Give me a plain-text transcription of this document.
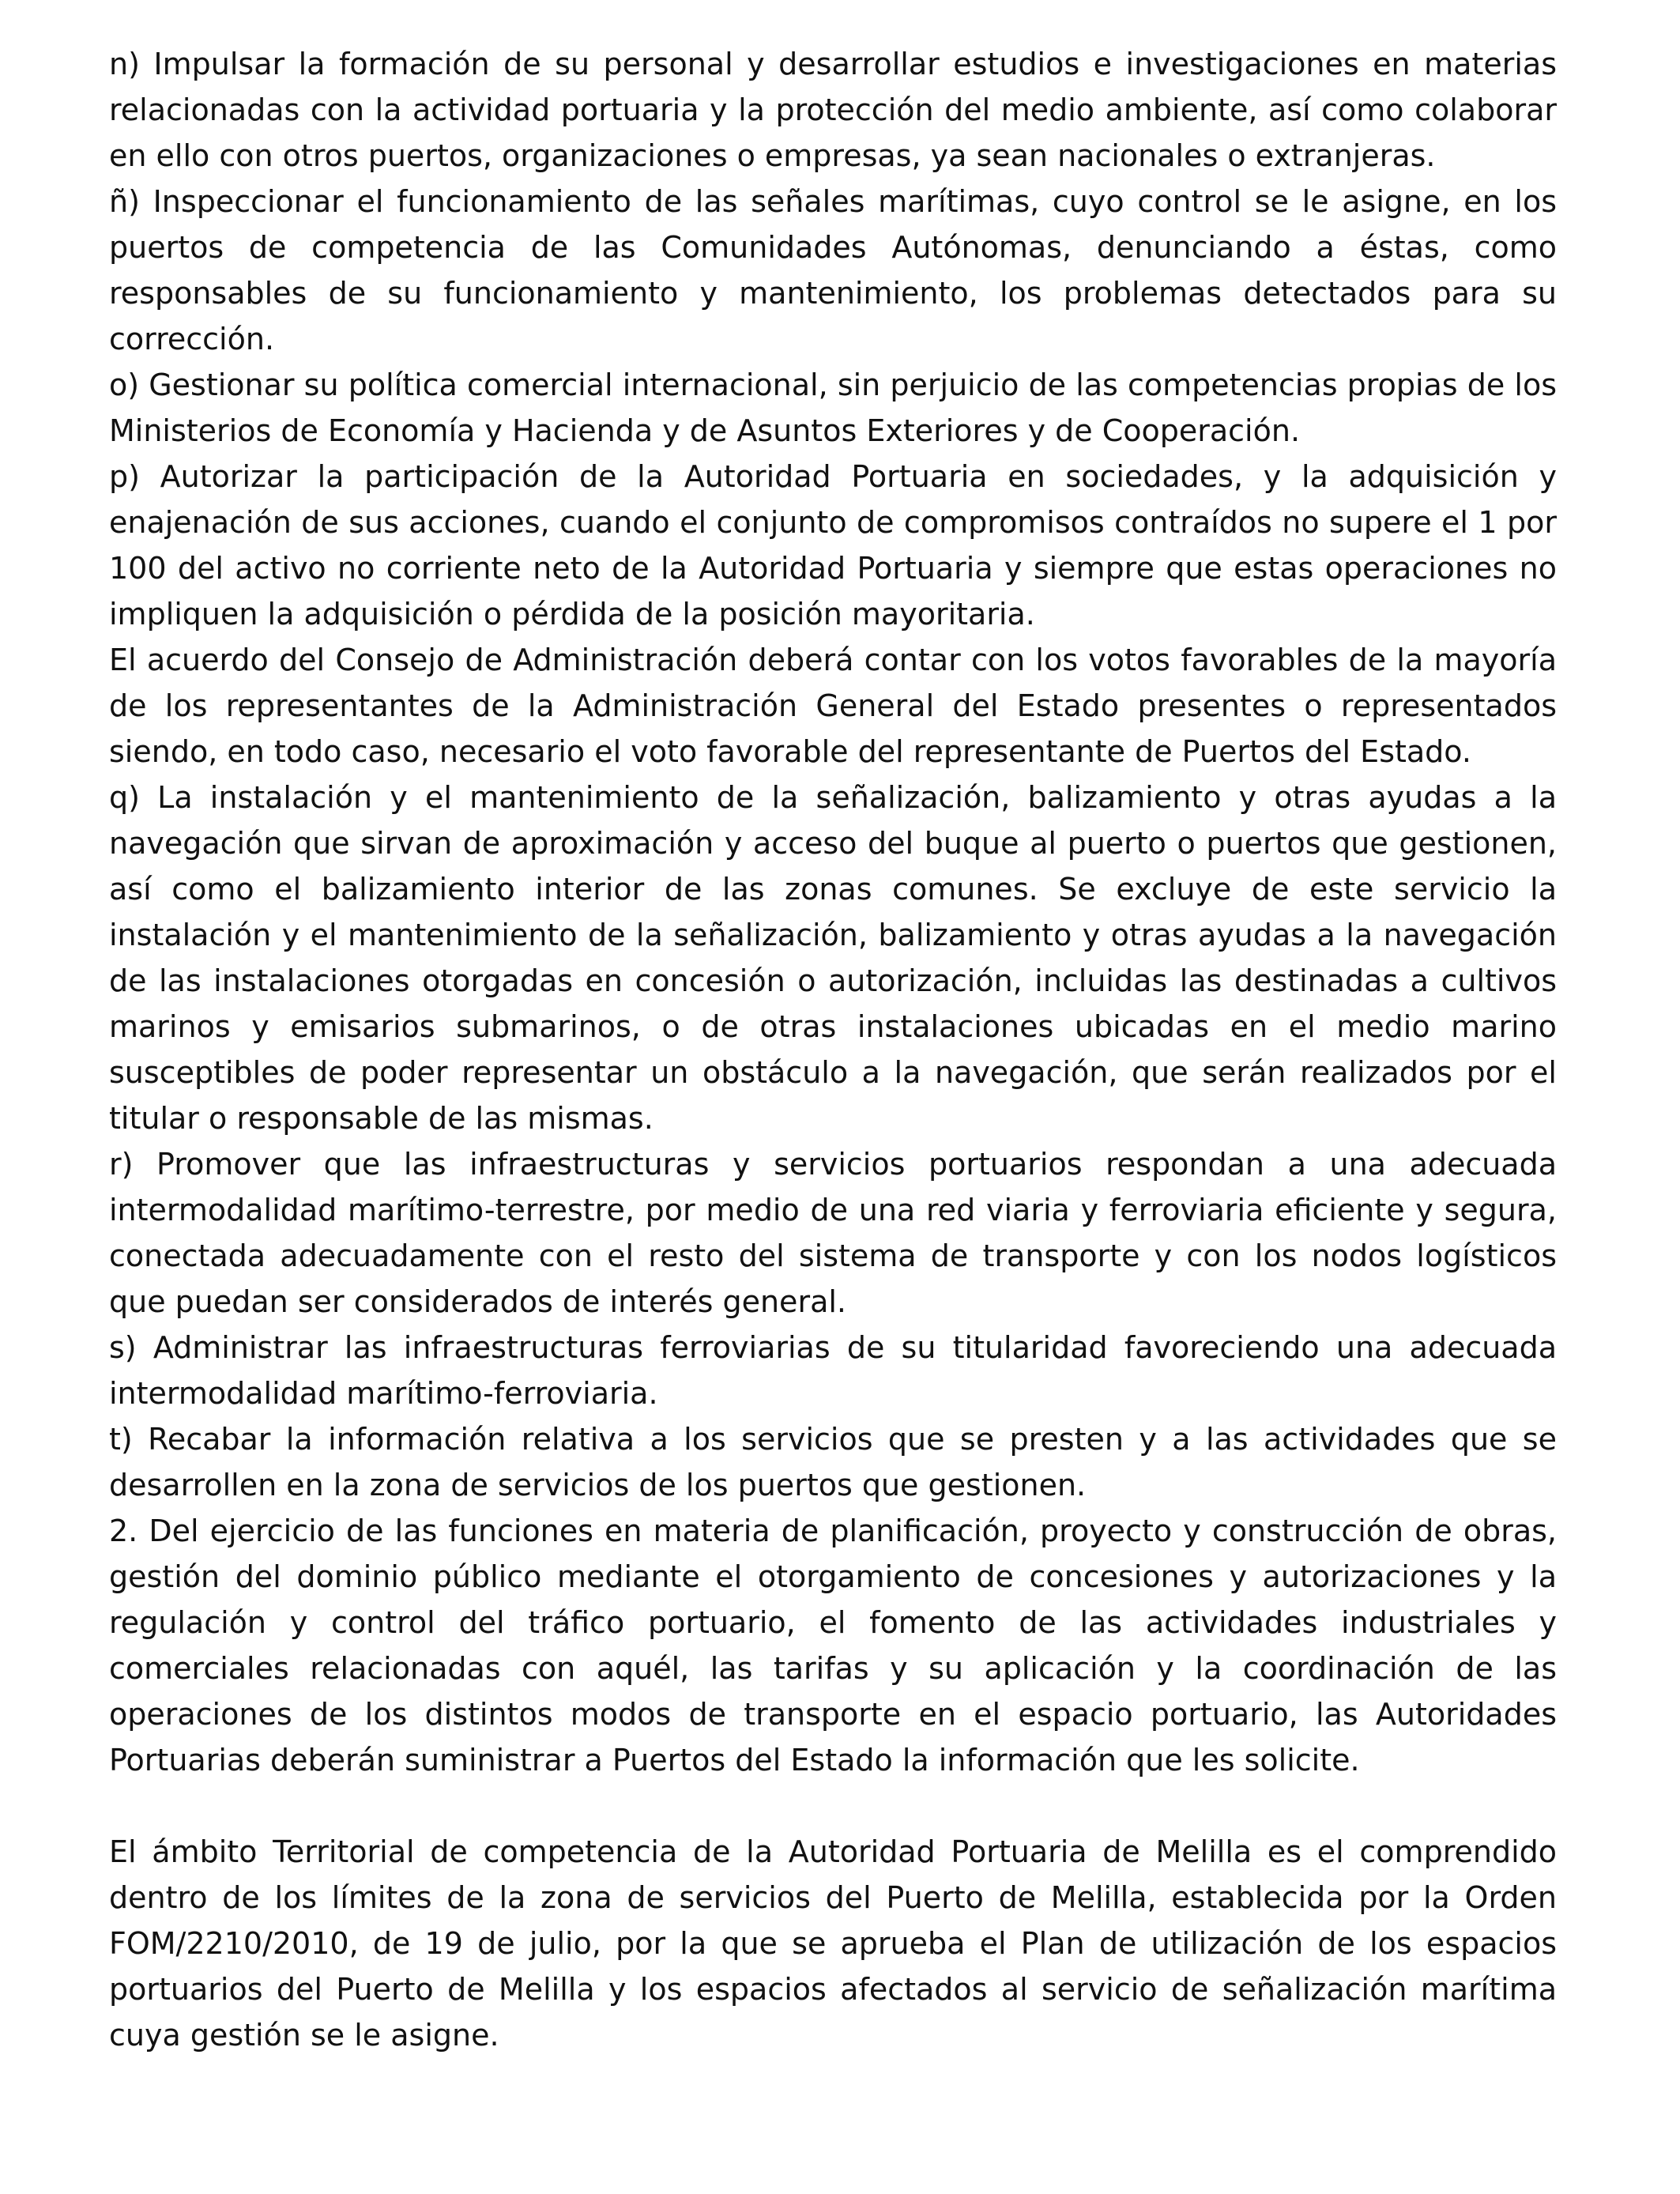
n) Impulsar la formación de su personal y desarrollar estudios e investigaciones en materias relacionadas con la actividad portuaria y la protección del medio ambiente, así como colaborar en ello con otros puertos, organizaciones o empresas, ya sean nacionales o extranjeras.

ñ) Inspeccionar el funcionamiento de las señales marítimas, cuyo control se le asigne, en los puertos de competencia de las Comunidades Autónomas, denunciando a éstas, como responsables de su funcionamiento y mantenimiento, los problemas detectados para su corrección.

o) Gestionar su política comercial internacional, sin perjuicio de las competencias propias de los Ministerios de Economía y Hacienda y de Asuntos Exteriores y de Cooperación.

p) Autorizar la participación de la Autoridad Portuaria en sociedades, y la adquisición y enajenación de sus acciones, cuando el conjunto de compromisos contraídos no supere el 1 por 100 del activo no corriente neto de la Autoridad Portuaria y siempre que estas operaciones no impliquen la adquisición o pérdida de la posición mayoritaria.

El acuerdo del Consejo de Administración deberá contar con los votos favorables de la mayoría de los representantes de la Administración General del Estado presentes o representados siendo, en todo caso, necesario el voto favorable del representante de Puertos del Estado.

q) La instalación y el mantenimiento de la señalización, balizamiento y otras ayudas a la navegación que sirvan de aproximación y acceso del buque al puerto o puertos que gestionen, así como el balizamiento interior de las zonas comunes. Se excluye de este servicio la instalación y el mantenimiento de la señalización, balizamiento y otras ayudas a la navegación de las instalaciones otorgadas en concesión o autorización, incluidas las destinadas a cultivos marinos y emisarios submarinos, o de otras instalaciones ubicadas en el medio marino susceptibles de poder representar un obstáculo a la navegación, que serán realizados por el titular o responsable de las mismas.

r) Promover que las infraestructuras y servicios portuarios respondan a una adecuada intermodalidad marítimo-terrestre, por medio de una red viaria y ferroviaria eficiente y segura, conectada adecuadamente con el resto del sistema de transporte y con los nodos logísticos que puedan ser considerados de interés general.

s) Administrar las infraestructuras ferroviarias de su titularidad favoreciendo una adecuada intermodalidad marítimo-ferroviaria.

t) Recabar la información relativa a los servicios que se presten y a las actividades que se desarrollen en la zona de servicios de los puertos que gestionen.

2. Del ejercicio de las funciones en materia de planificación, proyecto y construcción de obras, gestión del dominio público mediante el otorgamiento de concesiones y autorizaciones y la regulación y control del tráfico portuario, el fomento de las actividades industriales y comerciales relacionadas con aquél, las tarifas y su aplicación y la coordinación de las operaciones de los distintos modos de transporte en el espacio portuario, las Autoridades Portuarias deberán suministrar a Puertos del Estado la información que les solicite.

El ámbito Territorial de competencia de la Autoridad Portuaria de Melilla es el comprendido dentro de los límites de la zona de servicios del Puerto de Melilla, establecida por la Orden FOM/2210/2010, de 19 de julio, por la que se aprueba el Plan de utilización de los espacios portuarios del Puerto de Melilla y los espacios afectados al servicio de señalización marítima cuya gestión se le asigne.
